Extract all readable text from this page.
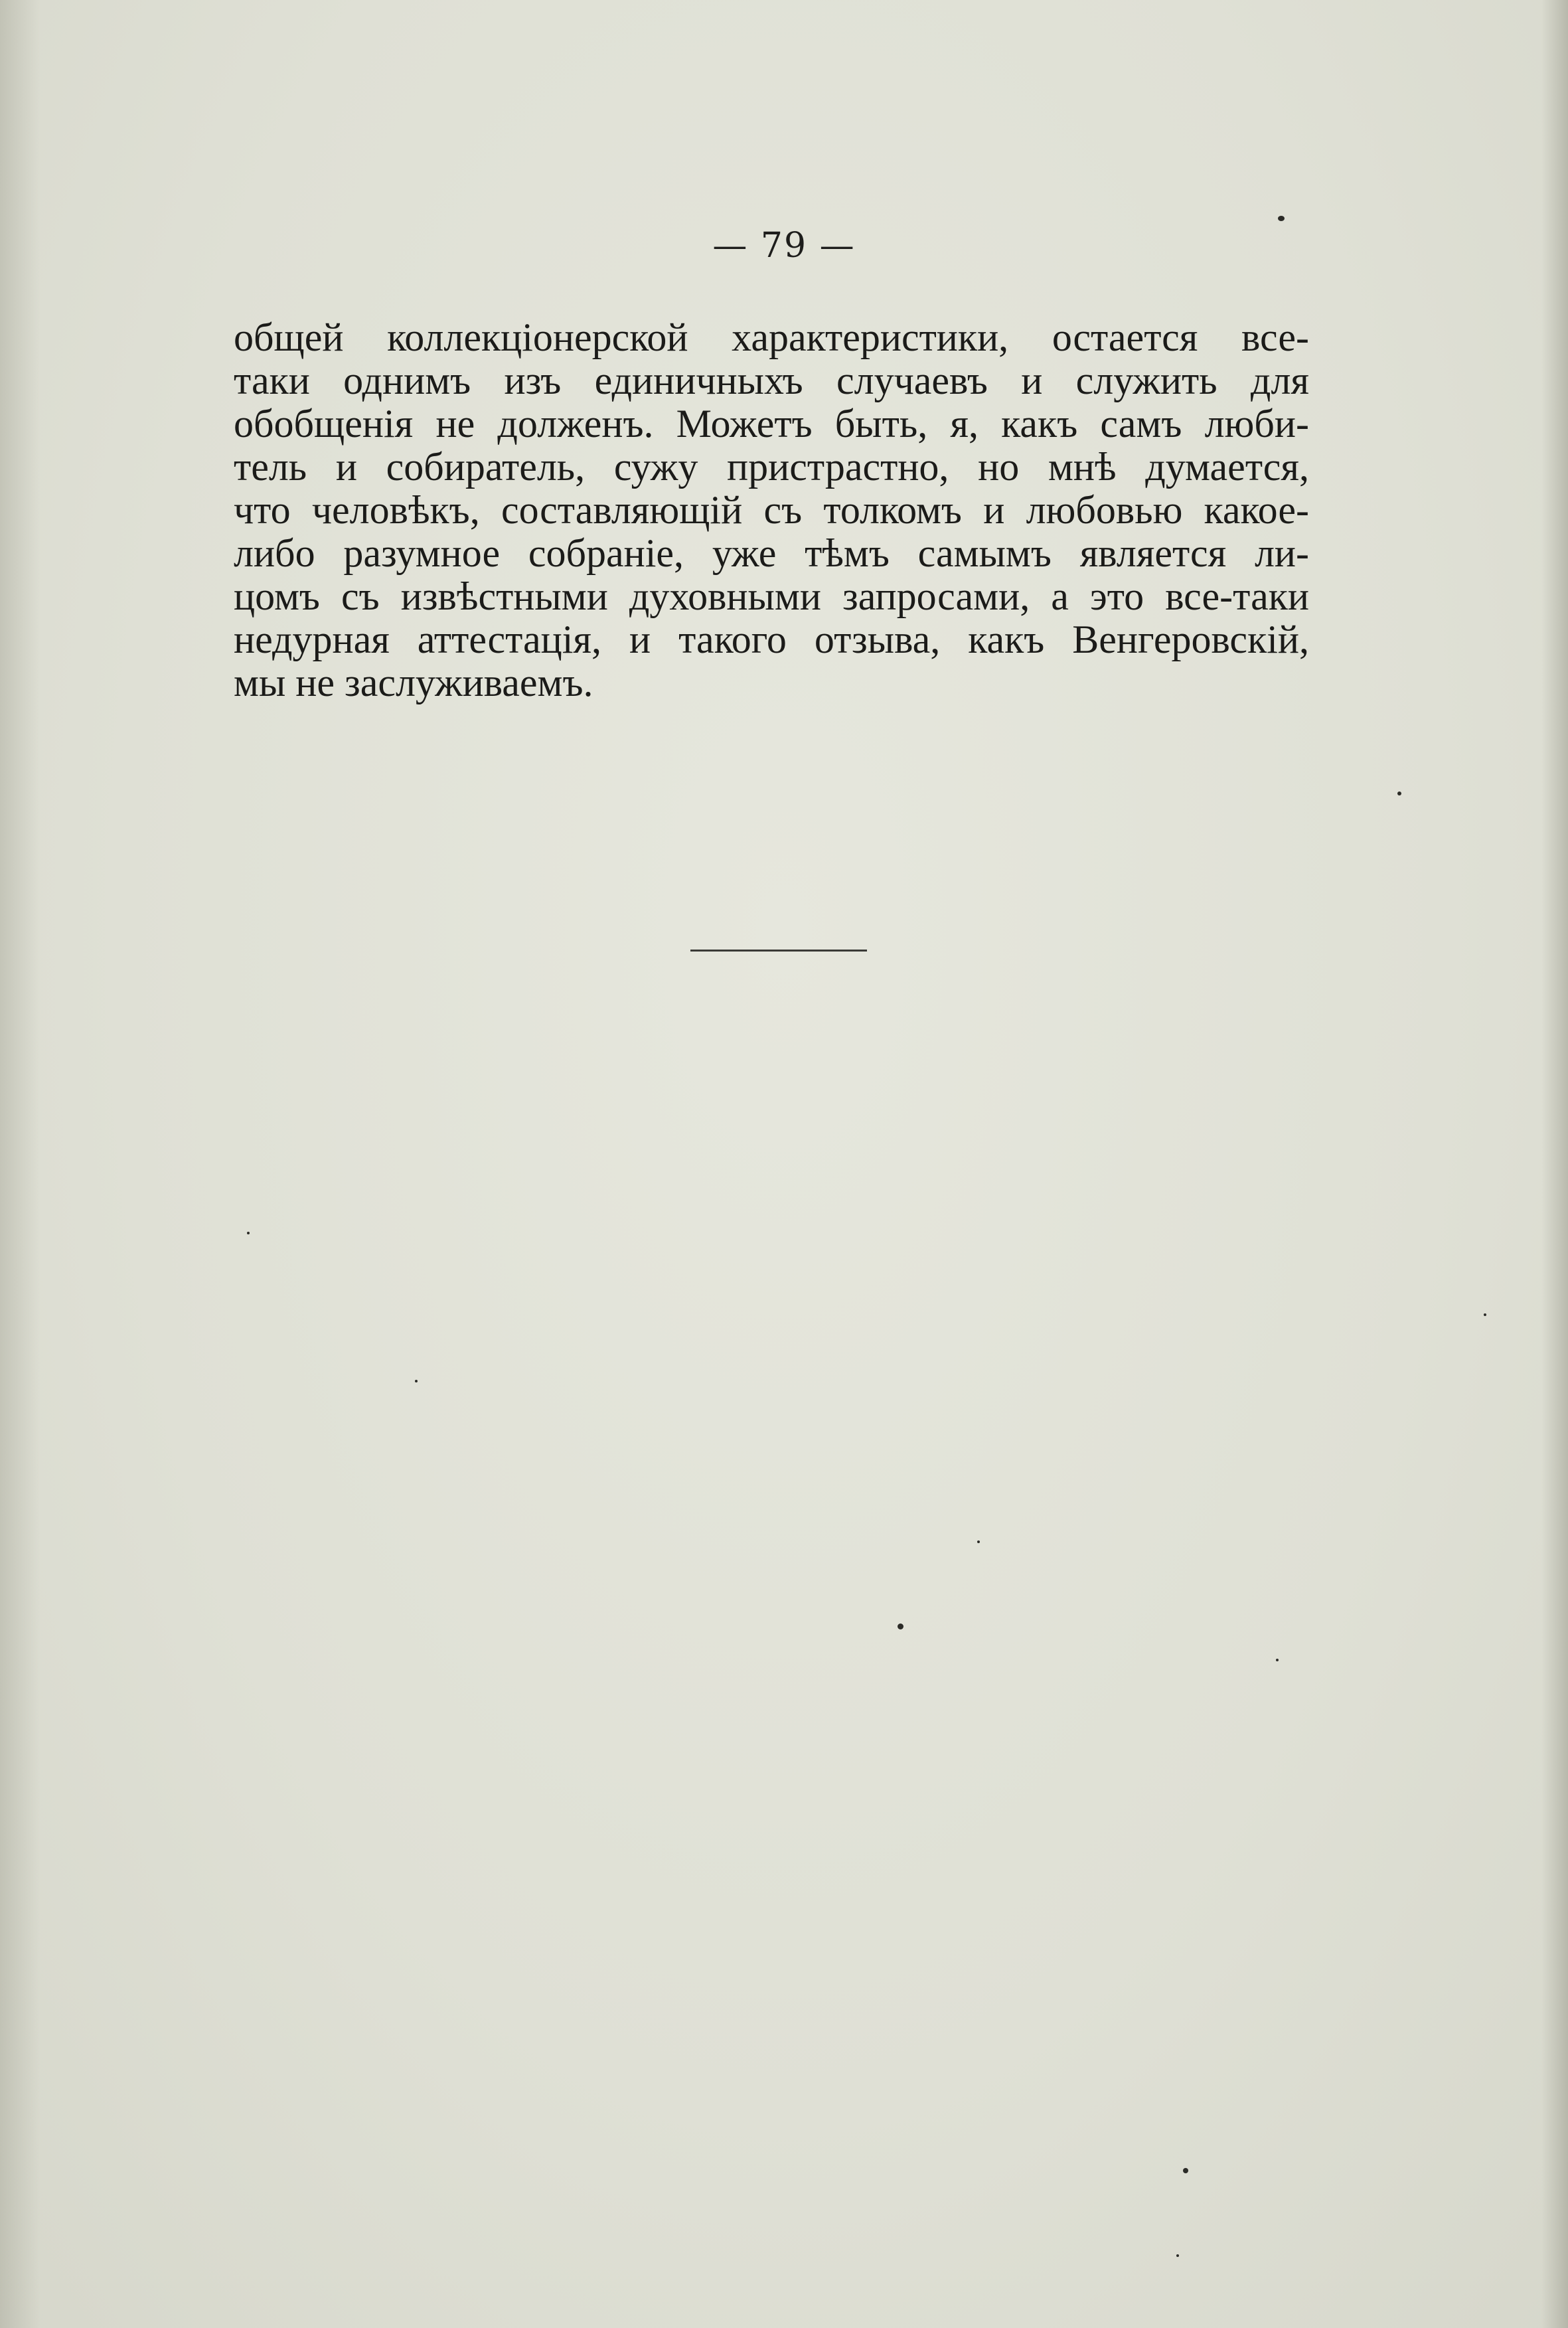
— 79 —
общей коллекціонерской характеристики, остается все-
таки однимъ изъ единичныхъ случаевъ и служить для
обобщенія не долженъ. Можетъ быть, я, какъ самъ люби-
тель и собиратель, сужу пристрастно, но мнѣ думается,
что человѣкъ, составляющій съ толкомъ и любовью какое-
либо разумное собраніе, уже тѣмъ самымъ является ли-
цомъ съ извѣстными духовными запросами, а это все-таки
недурная аттестація, и такого отзыва, какъ Венгеровскій,
мы не заслуживаемъ.
